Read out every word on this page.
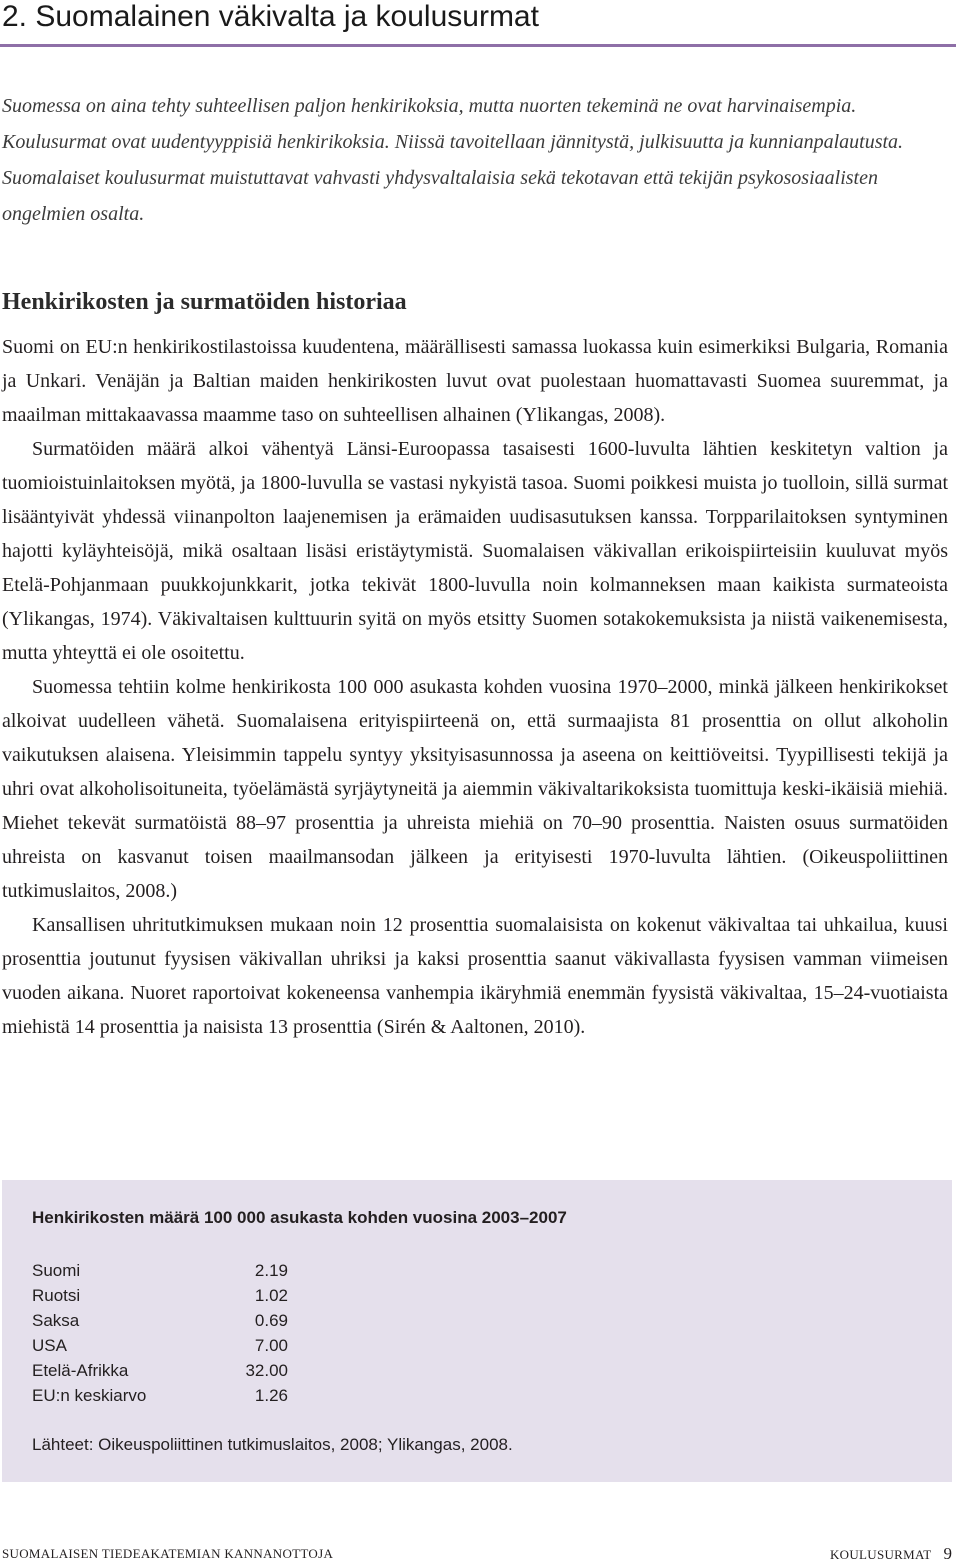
2. Suomalainen väkivalta ja koulusurmat

Suomessa on aina tehty suhteellisen paljon henkirikoksia, mutta nuorten tekeminä ne ovat harvinaisempia. Koulusurmat ovat uudentyyppisiä henkirikoksia. Niissä tavoitellaan jännitystä, julkisuutta ja kunnianpalautusta. Suomalaiset koulusurmat muistuttavat vahvasti yhdysvaltalaisia sekä tekotavan että tekijän psykososiaalisten ongelmien osalta.

Henkirikosten ja surmatöiden historiaa

Suomi on EU:n henkirikostilastoissa kuudentena, määrällisesti samassa luokassa kuin esimerkiksi Bulgaria, Romania ja Unkari. Venäjän ja Baltian maiden henkirikosten luvut ovat puolestaan huomattavasti Suomea suuremmat, ja maailman mittakaavassa maamme taso on suhteellisen alhainen (Ylikangas, 2008).

Surmatöiden määrä alkoi vähentyä Länsi-Euroopassa tasaisesti 1600-luvulta lähtien keskitetyn valtion ja tuomioistuinlaitoksen myötä, ja 1800-luvulla se vastasi nykyistä tasoa. Suomi poikkesi muista jo tuolloin, sillä surmat lisääntyivät yhdessä viinanpolton laajenemisen ja erämaiden uudisasutuksen kanssa. Torpparilaitoksen syntyminen hajotti kyläyhteisöjä, mikä osaltaan lisäsi eristäytymistä. Suomalaisen väkivallan erikoispiirteisiin kuuluvat myös Etelä-Pohjanmaan puukkojunkkarit, jotka tekivät 1800-luvulla noin kolmanneksen maan kaikista surmateoista (Ylikangas, 1974). Väkivaltaisen kulttuurin syitä on myös etsitty Suomen sotakokemuksista ja niistä vaikenemisesta, mutta yhteyttä ei ole osoitettu.

Suomessa tehtiin kolme henkirikosta 100 000 asukasta kohden vuosina 1970–2000, minkä jälkeen henkirikokset alkoivat uudelleen vähetä. Suomalaisena erityispiirteenä on, että surmaajista 81 prosenttia on ollut alkoholin vaikutuksen alaisena. Yleisimmin tappelu syntyy yksityisasunnossa ja aseena on keittiöveitsi. Tyypillisesti tekijä ja uhri ovat alkoholisoituneita, työelämästä syrjäytyneitä ja aiemmin väkivaltarikoksista tuomittuja keski-ikäisiä miehiä. Miehet tekevät surmatöistä 88–97 prosenttia ja uhreista miehiä on 70–90 prosenttia. Naisten osuus surmatöiden uhreista on kasvanut toisen maailmansodan jälkeen ja erityisesti 1970-luvulta lähtien. (Oikeuspoliittinen tutkimuslaitos, 2008.)

Kansallisen uhritutkimuksen mukaan noin 12 prosenttia suomalaisista on kokenut väkivaltaa tai uhkailua, kuusi prosenttia joutunut fyysisen väkivallan uhriksi ja kaksi prosenttia saanut väkivallasta fyysisen vamman viimeisen vuoden aikana. Nuoret raportoivat kokeneensa vanhempia ikäryhmiä enemmän fyysistä väkivaltaa, 15–24-vuotiaista miehistä 14 prosenttia ja naisista 13 prosenttia (Sirén & Aaltonen, 2010).

Henkirikosten määrä 100 000 asukasta kohden vuosina 2003–2007

Suomi	2.19
Ruotsi	1.02
Saksa	0.69
USA	7.00
Etelä-Afrikka	32.00
EU:n keskiarvo	1.26

Lähteet: Oikeuspoliittinen tutkimuslaitos, 2008; Ylikangas, 2008.

SUOMALAISEN TIEDEAKATEMIAN KANNANOTTOJA	KOULUSURMAT 9
